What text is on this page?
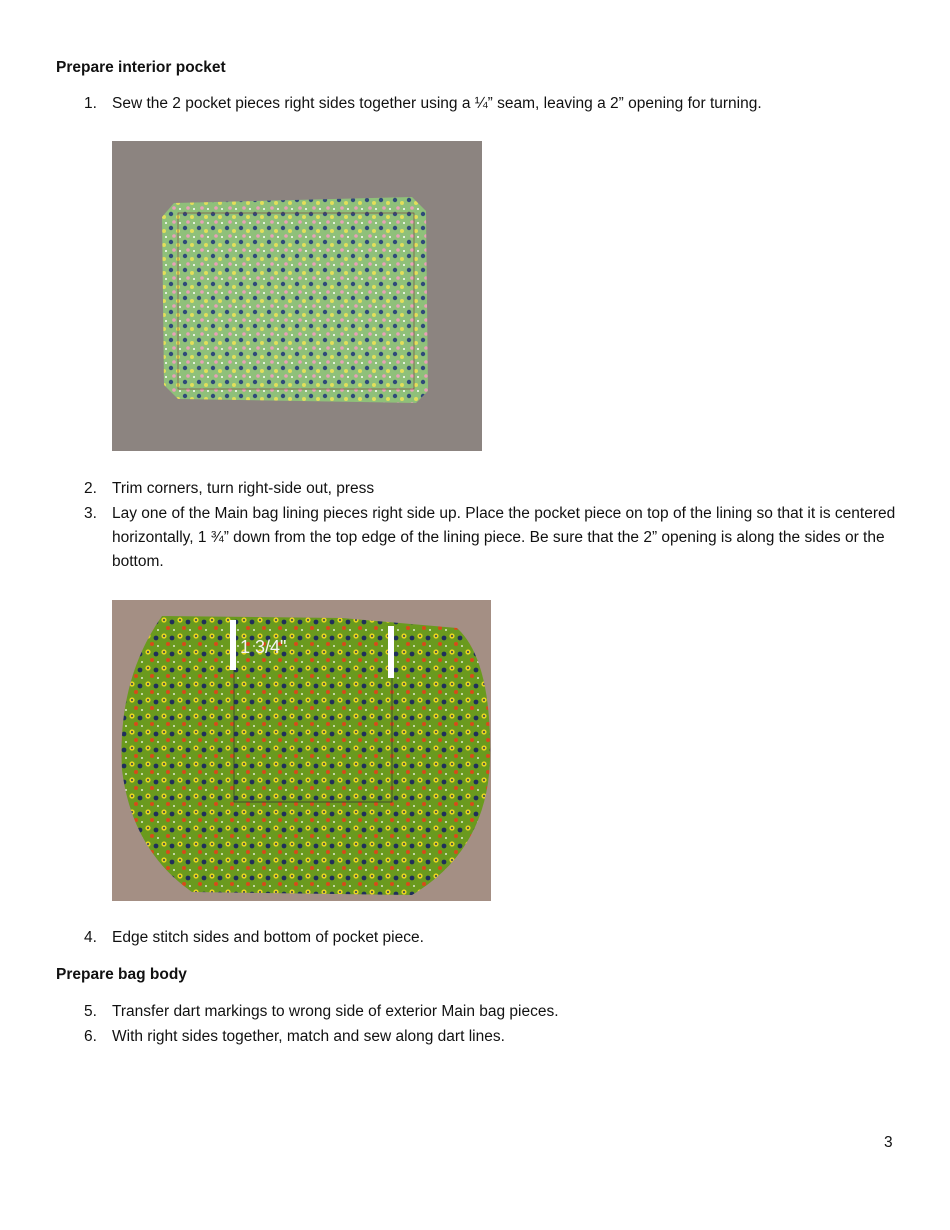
Prepare interior pocket
1. Sew the 2 pocket pieces right sides together using a ¼” seam, leaving a 2” opening for turning.
2. Trim corners, turn right-side out, press
3. Lay one of the Main bag lining pieces right side up. Place the pocket piece on top of the lining so that it is centered horizontally, 1 ¾” down from the top edge of the lining piece. Be sure that the 2” opening is along the sides or the bottom.
1 3/4"
4. Edge stitch sides and bottom of pocket piece.
Prepare bag body
5. Transfer dart markings to wrong side of exterior Main bag pieces.
6. With right sides together, match and sew along dart lines.
3
